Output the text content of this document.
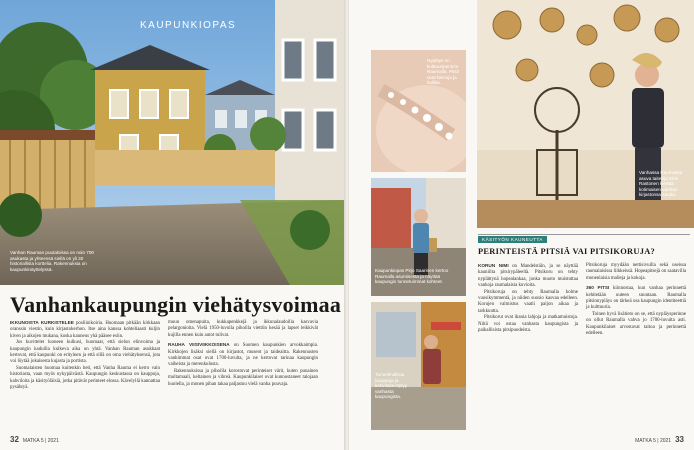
KAUPUNKIOPAS
Vanhan Rauman puutaloissa on noin 700 asukasta ja yhteensä siellä on yli 30 historiallista korttelia. Rakennuksia on kaupunkinäyttelyssä.
Vanhankaupungin viehätysvoimaa

IKKUNOISTA KURKISTELEE posliinikoiria. Huomaan pitkään kirkkaan oranssin viestin, kuin kirjastokerhon. Itse aina kanssa kohteliaasti kuljin kiven ja aikojen mukana, koska kauneus yhä pääsee esiin.

Jos kuvittelet luoneen kulkusi, huomaat, että sielun elinvoima ja kaupungin kaduilla kulkeva aika on yhtä. Vanhan Rauman asukkaat kertovat, että kaupunki on erityinen ja että sillä on oma viehätyksensä, jota voi löytää jokaisesta kujasta ja portista.

Suomalaisten huomaa kuitenkin heti, että Vanha Rauma ei kerro vain historiasta, vaan myös nykypäivästä. Kaupungin keskustassa on kauppoja, kahviloita ja käsityöläisiä, jotka pitävät perinteet elossa. Kävelyllä kannattaa pysähtyä.

muun omenapuita, kukkapenkkejä ja ikkunalaudoilla kasvavia pelargonioita. Vielä 1950-luvulla pihoilla viettiin kesää ja lapset leikkivät kujilla ennen kuin autot tulivat.

RAUHA VIISIVIIKKOISENA on Suomen kaupunkien arvokkaimpia. Kirkkojen lisäksi siellä on kirjastot, museot ja taideaitta. Rakennusten vanhimmat osat ovat 1700-luvulta, ja ne kertovat tarinaa kaupungin vaiheista ja merenkulusta.

Rakennuksissa ja pihoilla korostuvat perinteiset värit, kuten punainen multamaali, keltainen ja vihreä. Kaupunkilaiset ovat kunnostaneet talojaan huolella, ja monen pihan takaa paljastuu vielä vanha puuvaja.

32 MATKA 5 | 2021
Nypläys on kulttuuriperinne Raumalla. Pitsit ovat hienoja ja kalliita.
Kaupunkiopas Pirjo Saarinen kertoo Raumalla asumisesta ja näyttää kaupungin tunnetuimmat kohteet.
Tunnelmallisia kauppoja ja kahviloita löytyy vanhasta kaupungista.
Vanhassa Raumassa asuva taiteilija Kirsi Rastonen kiertää kotimaisen vanhan kirjastonsa kautta.
KÄSITYÖN KAUNEUTTA
PERINTEISTÄ PITSIÄ VAI PITSIKORUJA?

KORUN NIMI on Mandelstäin, ja se näyttää kauniilta pitsirypäleeltä. Pitsikoru on tehty nyplättynä hopealankaa, jonka muoto muistuttaa vanhoja raumalaisia kuvioita.

Pitsikoruja on tehty Raumalla kolme vuosikymmentä, ja niiden suosio kasvaa edelleen. Korujen valmistus vaatii paljon aikaa ja tarkkuutta.

Pitsikorut ovat ihania lahjoja ja matkamuistoja. Niitä voi ostaa vanhasta kaupungista ja paikallisista pitsipuodeista.

Pitsikoruja myydään nettisivuilla sekä useissa raumalaisissa liikkeissä. Hopeapitsejä on saatavilla monenlaisia malleja ja kokoja.

360 PITSI kiinnostaa, kun vanhaa perinnettä kehitetään uuteen suuntaan. Raumalla pitsinnypläys on tärkeä osa kaupungin identiteettiä ja kulttuuria.

Toinen hyvä lisätieto on se, että nypläysperinne on ollut Raumalla vahva jo 1700-luvulta asti. Kaupunkilaiset arvostavat taitoa ja perinnettä edelleen.

MATKA 5 | 2021 33
